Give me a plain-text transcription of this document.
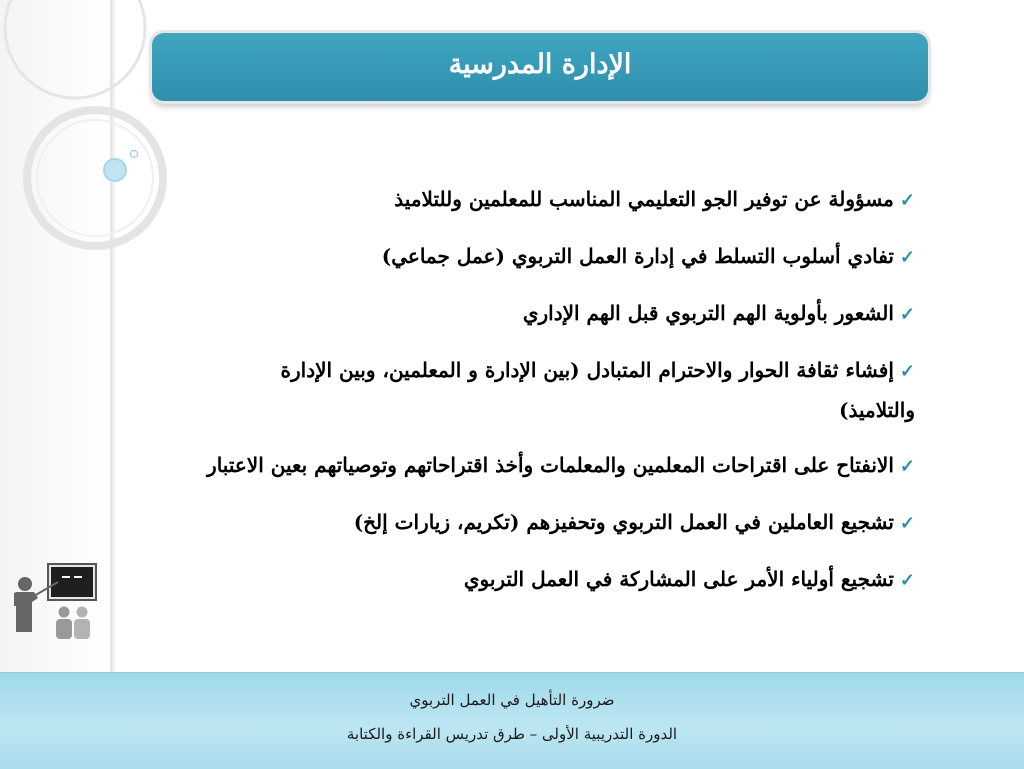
الإدارة المدرسية
✓مسؤولة عن توفير الجو التعليمي المناسب للمعلمين وللتلاميذ
✓تفادي أسلوب التسلط في إدارة العمل التربوي (عمل جماعي)
✓الشعور بأولوية الهم التربوي قبل الهم الإداري
✓إفشاء ثقافة الحوار والاحترام المتبادل (بين الإدارة و المعلمين، وبين الإدارة والتلاميذ)
✓الانفتاح على اقتراحات المعلمين والمعلمات وأخذ اقتراحاتهم وتوصياتهم بعين الاعتبار
✓تشجيع العاملين في العمل التربوي وتحفيزهم (تكريم، زيارات إلخ)
✓تشجيع أولياء الأمر على المشاركة في العمل التربوي
ضرورة التأهيل في العمل التربوي
الدورة التدريبية الأولى – طرق تدريس القراءة والكتابة
